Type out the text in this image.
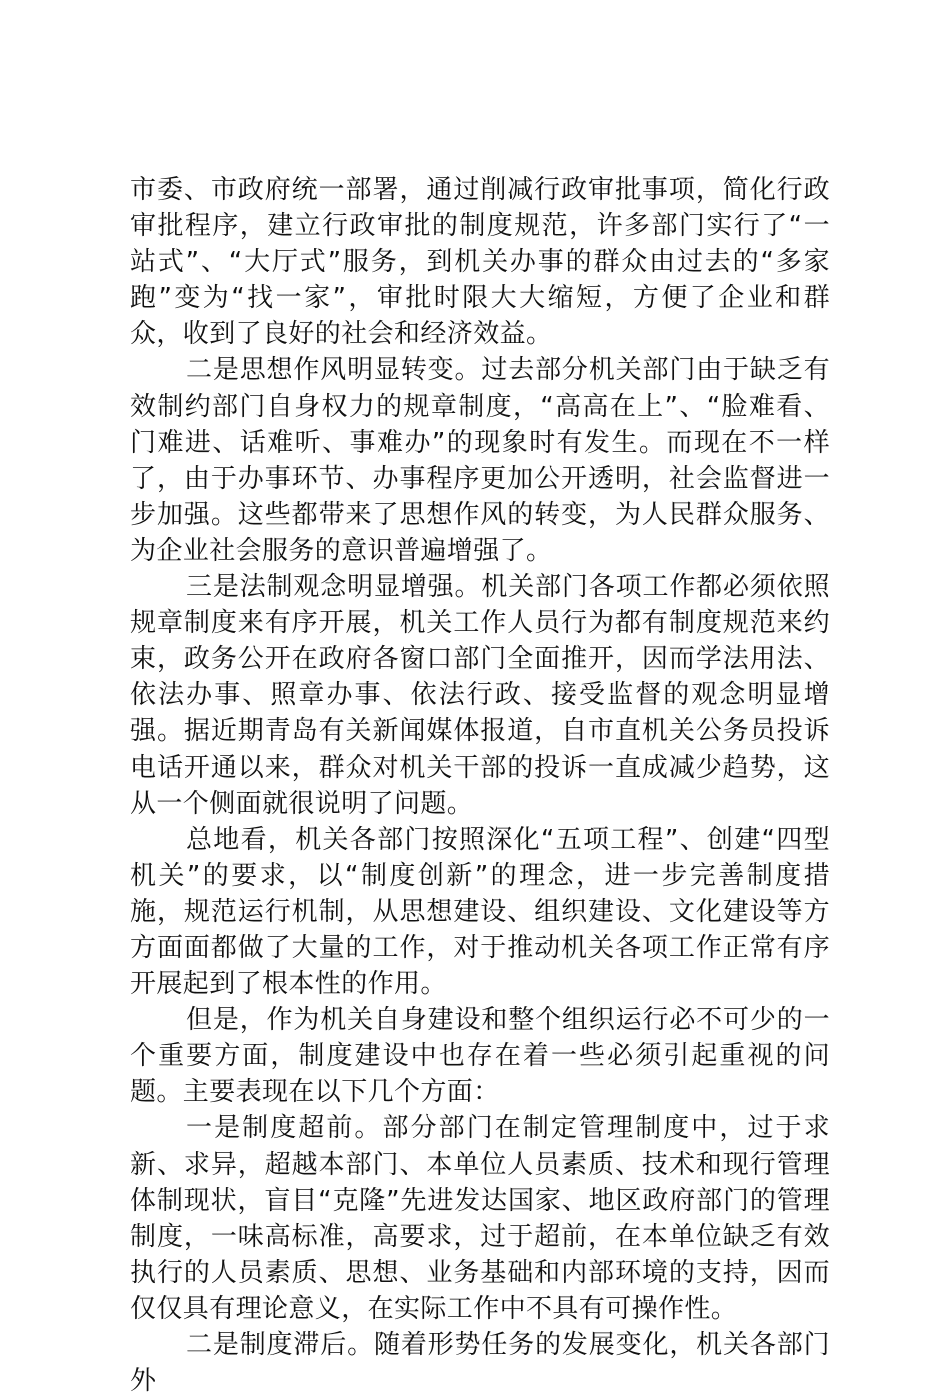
市委、市政府统一部署，通过削减行政审批事项，简化行政审批程序，建立行政审批的制度规范，许多部门实行了“一站式”、“大厅式”服务，到机关办事的群众由过去的“多家跑”变为“找一家”，审批时限大大缩短，方便了企业和群众，收到了良好的社会和经济效益。

二是思想作风明显转变。过去部分机关部门由于缺乏有效制约部门自身权力的规章制度，“高高在上”、“脸难看、门难进、话难听、事难办”的现象时有发生。而现在不一样了，由于办事环节、办事程序更加公开透明，社会监督进一步加强。这些都带来了思想作风的转变，为人民群众服务、为企业社会服务的意识普遍增强了。

三是法制观念明显增强。机关部门各项工作都必须依照规章制度来有序开展，机关工作人员行为都有制度规范来约束，政务公开在政府各窗口部门全面推开，因而学法用法、依法办事、照章办事、依法行政、接受监督的观念明显增强。据近期青岛有关新闻媒体报道，自市直机关公务员投诉电话开通以来，群众对机关干部的投诉一直成减少趋势，这从一个侧面就很说明了问题。

总地看，机关各部门按照深化“五项工程”、创建“四型机关”的要求，以“制度创新”的理念，进一步完善制度措施，规范运行机制，从思想建设、组织建设、文化建设等方方面面都做了大量的工作，对于推动机关各项工作正常有序开展起到了根本性的作用。

但是，作为机关自身建设和整个组织运行必不可少的一个重要方面，制度建设中也存在着一些必须引起重视的问题。主要表现在以下几个方面：

一是制度超前。部分部门在制定管理制度中，过于求新、求异，超越本部门、本单位人员素质、技术和现行管理体制现状，盲目“克隆”先进发达国家、地区政府部门的管理制度，一味高标准，高要求，过于超前，在本单位缺乏有效执行的人员素质、思想、业务基础和内部环境的支持，因而仅仅具有理论意义，在实际工作中不具有可操作性。

二是制度滞后。随着形势任务的发展变化，机关各部门外
